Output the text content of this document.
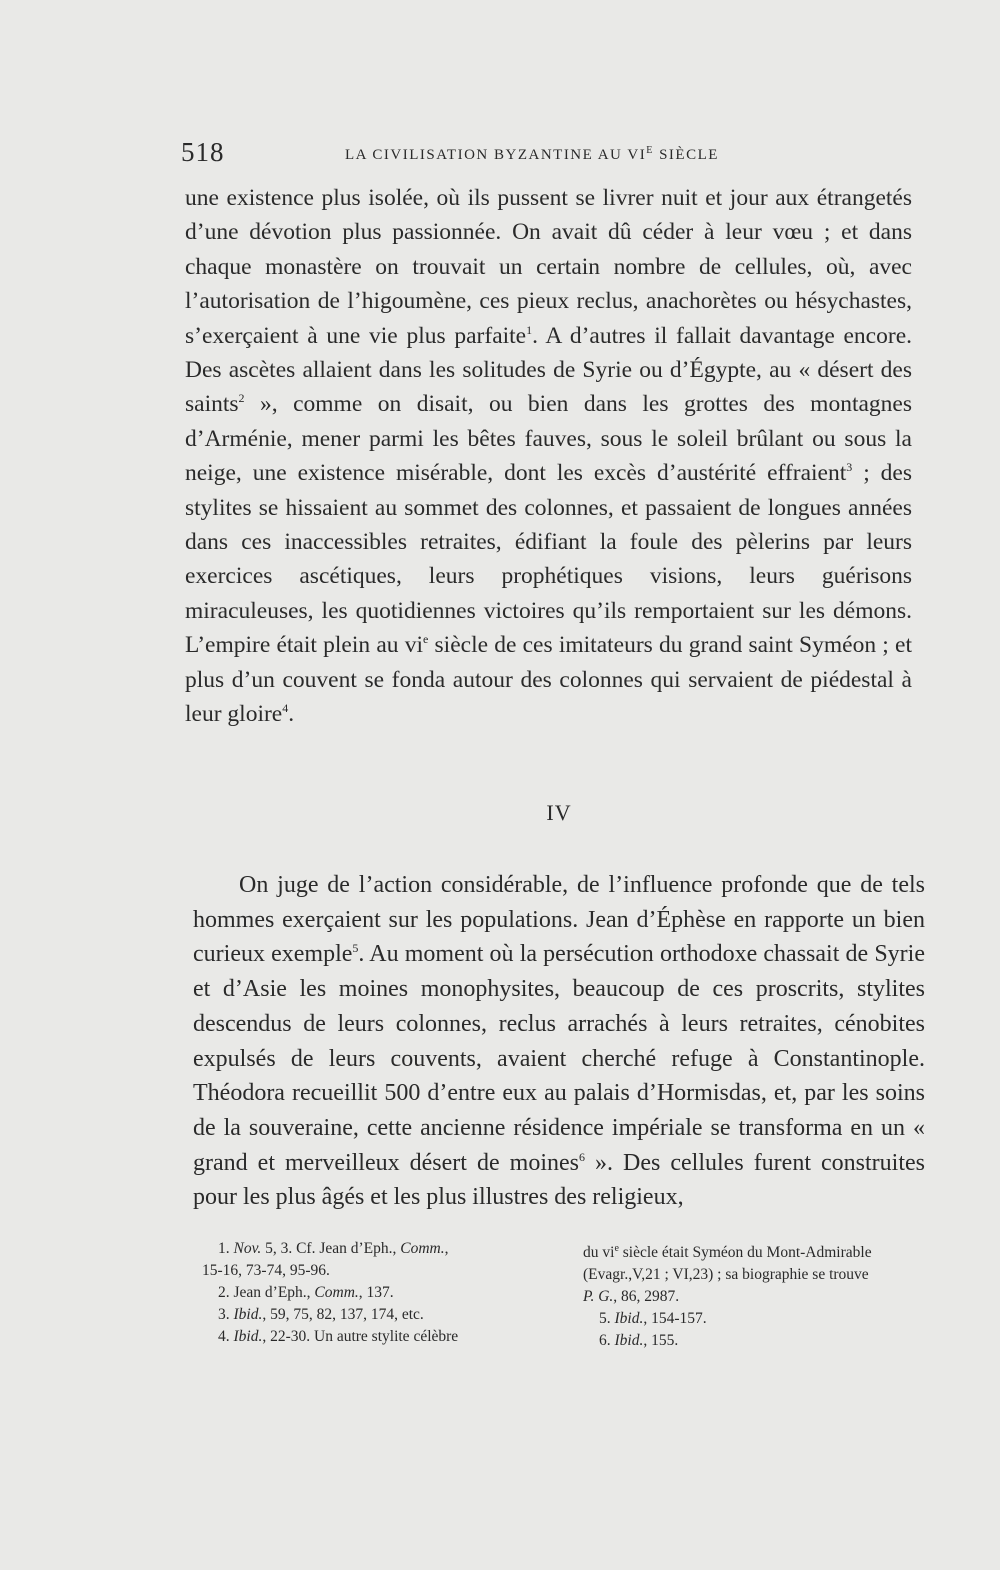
518	LA CIVILISATION BYZANTINE AU $VI^E$ SIÈCLE

une existence plus isolée, où ils pussent se livrer nuit et jour aux étrangetés d’une dévotion plus passionnée. On avait dû céder à leur vœu ; et dans chaque monastère on trouvait un certain nombre de cellules, où, avec l’autorisation de l’higoumène, ces pieux reclus, anachorètes ou hésychastes, s’exerçaient à une vie plus parfaite$^1$. A d’autres il fallait davantage encore. Des ascètes allaient dans les solitudes de Syrie ou d’Égypte, au « désert des saints$^2$ », comme on disait, ou bien dans les grottes des montagnes d’Arménie, mener parmi les bêtes fauves, sous le soleil brûlant ou sous la neige, une existence misérable, dont les excès d’austérité effraient$^3$ ; des stylites se hissaient au sommet des colonnes, et passaient de longues années dans ces inaccessibles retraites, édifiant la foule des pèlerins par leurs exercices ascétiques, leurs prophétiques visions, leurs guérisons miraculeuses, les quotidiennes victoires qu’ils remportaient sur les démons. L’empire était plein au vi$^e$ siècle de ces imitateurs du grand saint Syméon ; et plus d’un couvent se fonda autour des colonnes qui servaient de piédestal à leur gloire$^4$.

IV

On juge de l’action considérable, de l’influence profonde que de tels hommes exerçaient sur les populations. Jean d’Éphèse en rapporte un bien curieux exemple$^5$. Au moment où la persécution orthodoxe chassait de Syrie et d’Asie les moines monophysites, beaucoup de ces proscrits, stylites descendus de leurs colonnes, reclus arrachés à leurs retraites, cénobites expulsés de leurs couvents, avaient cherché refuge à Constantinople. Théodora recueillit 500 d’entre eux au palais d’Hormisdas, et, par les soins de la souveraine, cette ancienne résidence impériale se transforma en un « grand et merveilleux désert de moines$^6$ ». Des cellules furent construites pour les plus âgés et les plus illustres des religieux,

1. Nov. 5, 3. Cf. Jean d’Eph., Comm.,
15-16, 73-74, 95-96.
2. Jean d’Eph., Comm., 137.
3. Ibid., 59, 75, 82, 137, 174, etc.
4. Ibid., 22-30. Un autre stylite célèbre
du $vi^e$ siècle était Syméon du Mont-Admirable
(Evagr.,V,21 ; VI,23) ; sa biographie se trouve
P. G., 86, 2987.
5. Ibid., 154-157.
6. Ibid., 155.
